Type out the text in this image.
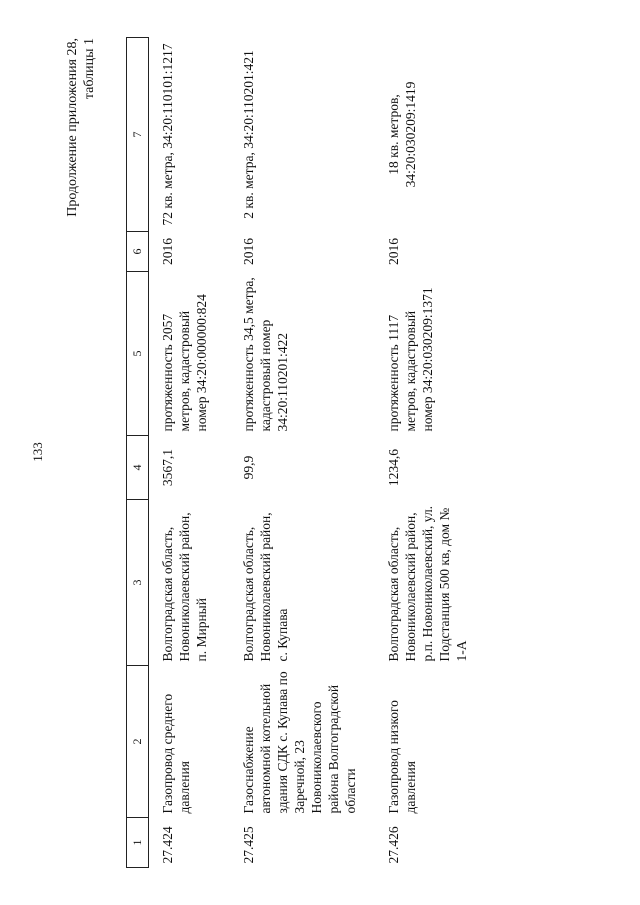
133
Продолжение приложения 28, таблицы 1
1	2	3	4	5	6	7
27.424	Газопровод среднего давления	Волгоградская область, Новониколаевский район, п. Мирный	3567,1	протяженность 2057 метров, кадастровый номер 34:20:000000:824	2016	72 кв. метра, 34:20:110101:1217
27.425	Газоснабжение автономной котельной здания СДК с. Купава по Заречной, 23 Новониколаевского района Волгоградской области	Волгоградская область, Новониколаевский район, с. Купава	99,9	протяженность 34,5 метра, кадастровый номер 34:20:110201:422	2016	2 кв. метра, 34:20:110201:421
27.426	Газопровод низкого давления	Волгоградская область, Новониколаевский район, р.п. Новониколаевский, ул. Подстанция 500 кв, дом № 1-А	1234,6	протяженность 1117 метров, кадастровый номер 34:20:030209:1371	2016	18 кв. метров, 34:20:030209:1419
